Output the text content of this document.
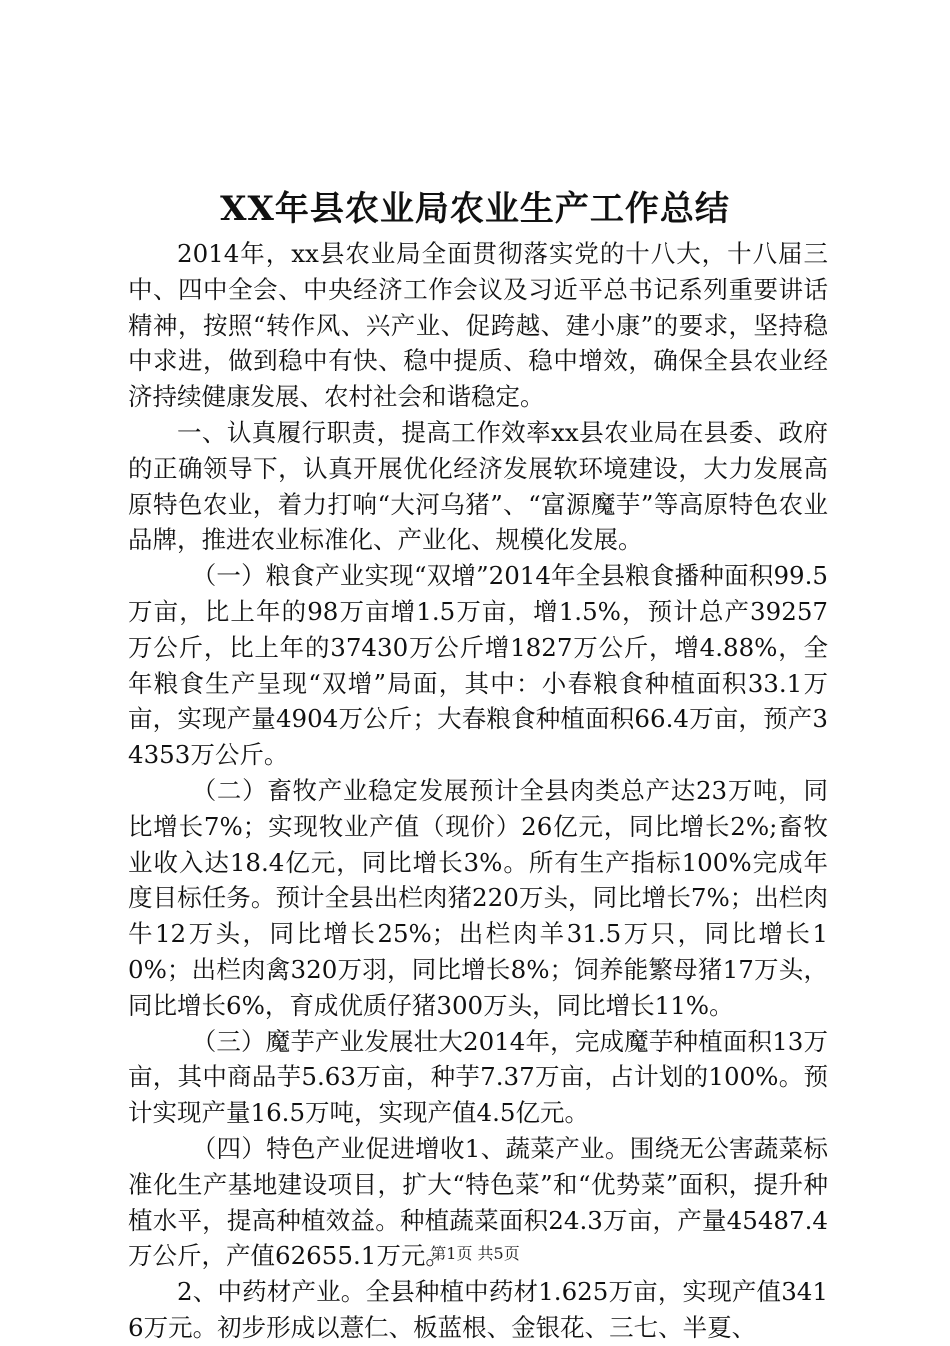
XX年县农业局农业生产工作总结

2014年，xx县农业局全面贯彻落实党的十八大，十八届三中、四中全会、中央经济工作会议及习近平总书记系列重要讲话精神，按照“转作风、兴产业、促跨越、建小康”的要求，坚持稳中求进，做到稳中有快、稳中提质、稳中增效，确保全县农业经济持续健康发展、农村社会和谐稳定。

一、认真履行职责，提高工作效率xx县农业局在县委、政府的正确领导下，认真开展优化经济发展软环境建设，大力发展高原特色农业，着力打响“大河乌猪”、“富源魔芋”等高原特色农业品牌，推进农业标准化、产业化、规模化发展。

（一）粮食产业实现“双增”2014年全县粮食播种面积99.5万亩，比上年的98万亩增1.5万亩，增1.5%，预计总产39257万公斤，比上年的37430万公斤增1827万公斤，增4.88%，全年粮食生产呈现“双增”局面，其中：小春粮食种植面积33.1万亩，实现产量4904万公斤；大春粮食种植面积66.4万亩，预产34353万公斤。

（二）畜牧产业稳定发展预计全县肉类总产达23万吨，同比增长7%；实现牧业产值（现价）26亿元，同比增长2%;畜牧业收入达18.4亿元，同比增长3%。所有生产指标100%完成年度目标任务。预计全县出栏肉猪220万头，同比增长7%；出栏肉牛12万头，同比增长25%；出栏肉羊31.5万只，同比增长10%；出栏肉禽320万羽，同比增长8%；饲养能繁母猪17万头，同比增长6%，育成优质仔猪300万头，同比增长11%。

（三）魔芋产业发展壮大2014年，完成魔芋种植面积13万亩，其中商品芋5.63万亩，种芋7.37万亩，占计划的100%。预计实现产量16.5万吨，实现产值4.5亿元。

（四）特色产业促进增收1、蔬菜产业。围绕无公害蔬菜标准化生产基地建设项目，扩大“特色菜”和“优势菜”面积，提升种植水平，提高种植效益。种植蔬菜面积24.3万亩，产量45487.4万公斤，产值62655.1万元。

2、中药材产业。全县种植中药材1.625万亩，实现产值3416万元。初步形成以薏仁、板蓝根、金银花、三七、半夏、

第1页 共5页
